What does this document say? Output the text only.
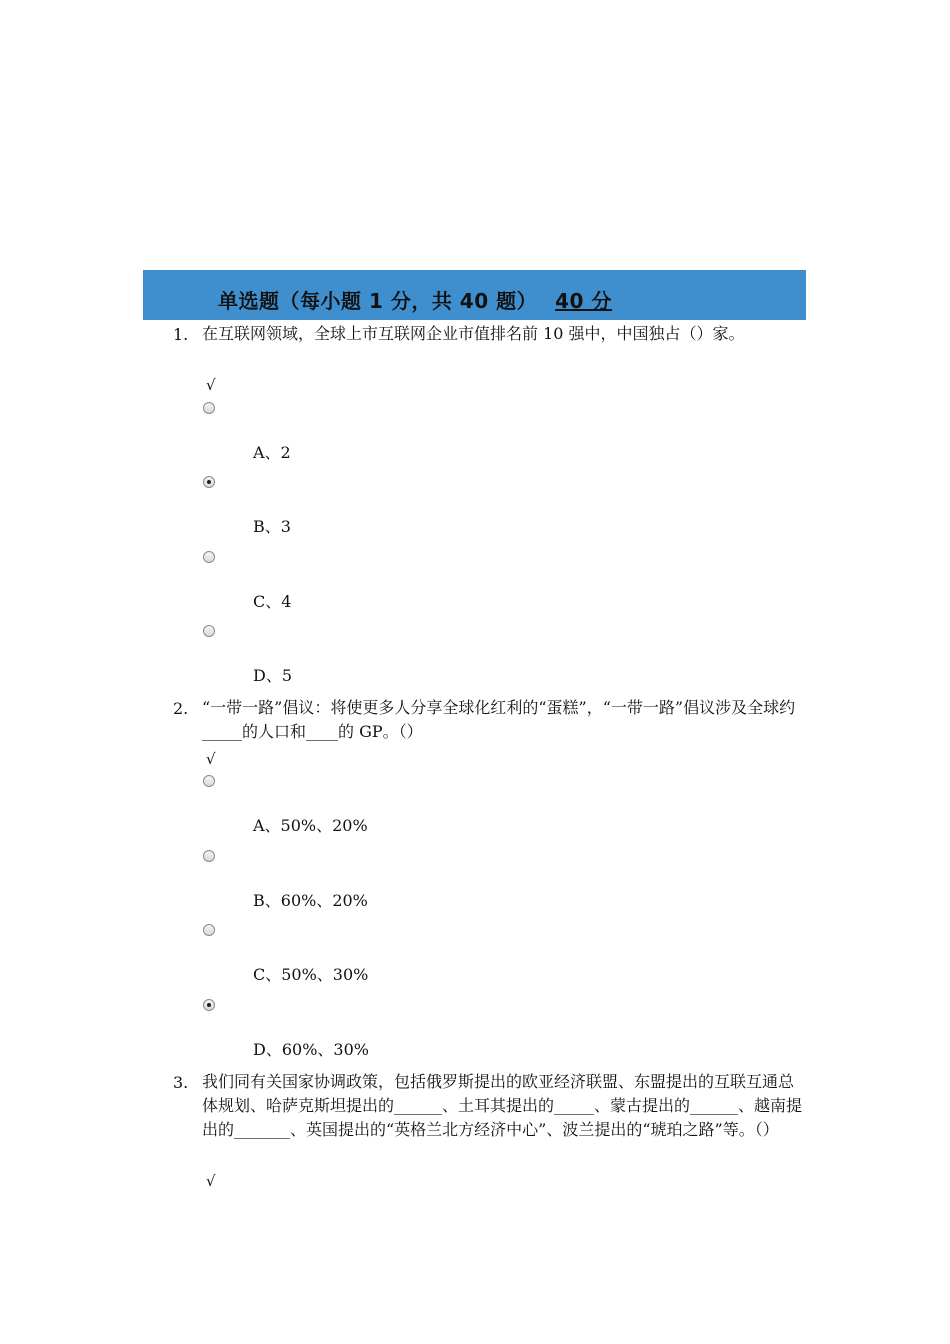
单选题（每小题 1 分，共 40 题） 40 分
1. 在互联网领域，全球上市互联网企业市值排名前 10 强中，中国独占（）家。
√
A、2
B、3
C、4
D、5
2. “一带一路”倡议：将使更多人分享全球化红利的“蛋糕”，“一带一路”倡议涉及全球约_____的人口和____的 GP。（）
√
A、50%、20%
B、60%、20%
C、50%、30%
D、60%、30%
3. 我们同有关国家协调政策，包括俄罗斯提出的欧亚经济联盟、东盟提出的互联互通总体规划、哈萨克斯坦提出的______、土耳其提出的_____、蒙古提出的______、越南提出的_______、英国提出的“英格兰北方经济中心”、波兰提出的“琥珀之路”等。（）
√
